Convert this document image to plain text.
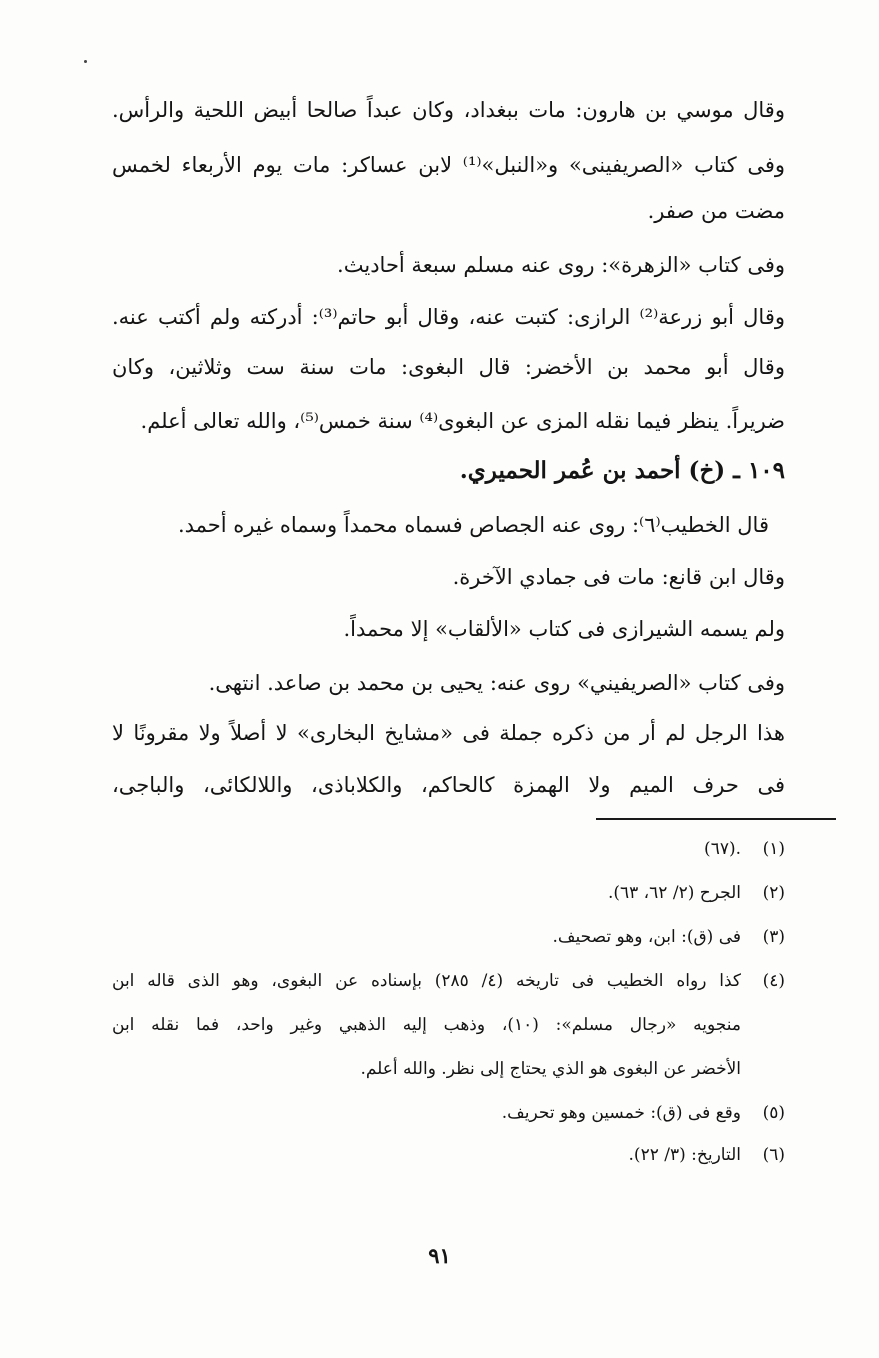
وقال موسي بن هارون: مات ببغداد، وكان عبداً صالحا أبيض اللحية والرأس.
وفى كتاب «الصريفينى» و«النبل»⁽¹⁾ لابن عساكر: مات يوم الأربعاء لخمس
مضت من صفر.
وفى كتاب «الزهرة»: روى عنه مسلم سبعة أحاديث.
وقال أبو زرعة⁽²⁾ الرازى: كتبت عنه، وقال أبو حاتم⁽³⁾: أدركته ولم أكتب عنه.
وقال أبو محمد بن الأخضر: قال البغوى: مات سنة ست وثلاثين، وكان
ضريراً. ينظر فيما نقله المزى عن البغوى⁽⁴⁾ سنة خمس⁽⁵⁾، والله تعالى أعلم.
١٠٩ ـ (خ) أحمد بن عُمر الحميري.
قال الخطيب⁽٦⁾: روى عنه الجصاص فسماه محمداً وسماه غيره أحمد.
وقال ابن قانع: مات فى جمادي الآخرة.
ولم يسمه الشيرازى فى كتاب «الألقاب» إلا محمداً.
وفى كتاب «الصريفيني» روى عنه: يحيى بن محمد بن صاعد. انتهى.
هذا الرجل لم أر من ذكره جملة فى «مشايخ البخارى» لا أصلاً ولا مقرونًا لا
فى حرف الميم ولا الهمزة كالحاكم، والكلاباذى، واللالكائى، والباجى،
(١)
.(٦٧)
(٢)
الجرح (٢/ ٦٢، ٦٣).
(٣)
فى (ق): ابن، وهو تصحيف.
(٤)
كذا رواه الخطيب فى تاريخه (٤/ ٢٨٥) بإسناده عن البغوى، وهو الذى قاله ابن
منجويه «رجال مسلم»: (١٠)، وذهب إليه الذهبي وغير واحد، فما نقله ابن
الأخضر عن البغوى هو الذي يحتاج إلى نظر. والله أعلم.
(٥)
وقع فى (ق): خمسين وهو تحريف.
(٦)
التاريخ: (٣/ ٢٢).
٩١
